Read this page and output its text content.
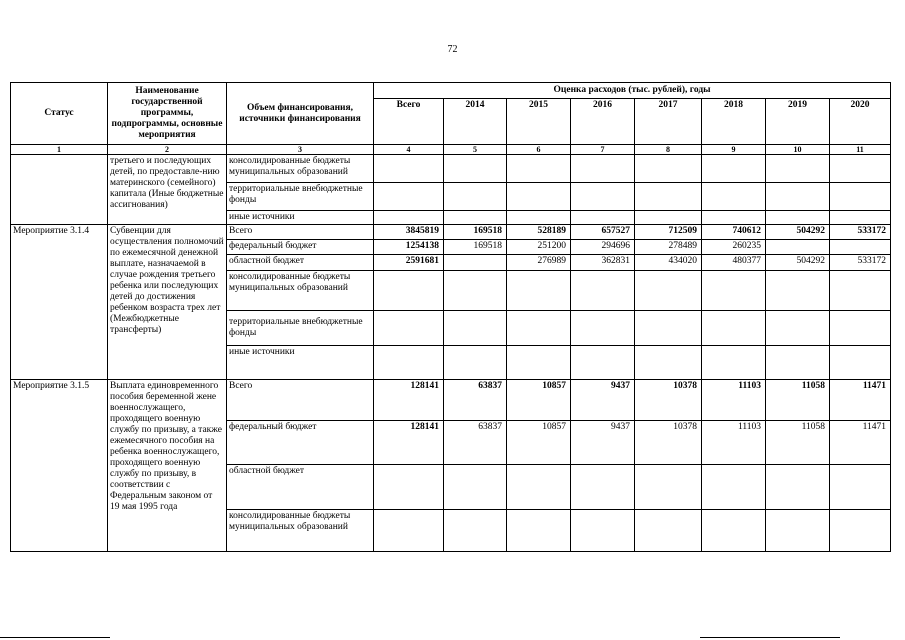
72
Статус	Наименование государственной программы, подпрограммы, основные мероприятия	Объем финансирования, источники финансирования	Оценка расходов (тыс. рублей), годы							
			Всего	2014	2015	2016	2017	2018	2019	2020
1	2	3	4	5	6	7	8	9	10	11
	третьего и последующих детей, по предоставле-нию материнского (семейного) капитала (Иные бюджетные ассигнования)	консолидированные бюджеты муниципальных образований								
		территориальные внебюджетные фонды								
		иные источники								
Мероприятие 3.1.4	Субвенции для осуществления полномочий по ежемесячной денежной выплате, назначаемой в случае рождения третьего ребенка или последующих детей до достижения ребенком возраста трех лет (Межбюджетные трансферты)	Всего	3845819	169518	528189	657527	712509	740612	504292	533172
		федеральный бюджет	1254138	169518	251200	294696	278489	260235		
		областной бюджет	2591681		276989	362831	434020	480377	504292	533172
		консолидированные бюджеты муниципальных образований								
		территориальные внебюджетные фонды								
		иные источники								
Мероприятие 3.1.5	Выплата единовременного пособия беременной жене военнослужащего, проходящего военную службу по призыву, а также ежемесячного пособия на ребенка военнослужащего, проходящего военную службу по призыву, в соответствии с Федеральным законом от 19 мая 1995 года	Всего	128141	63837	10857	9437	10378	11103	11058	11471
		федеральный бюджет	128141	63837	10857	9437	10378	11103	11058	11471
		областной бюджет								
		консолидированные бюджеты муниципальных образований								
